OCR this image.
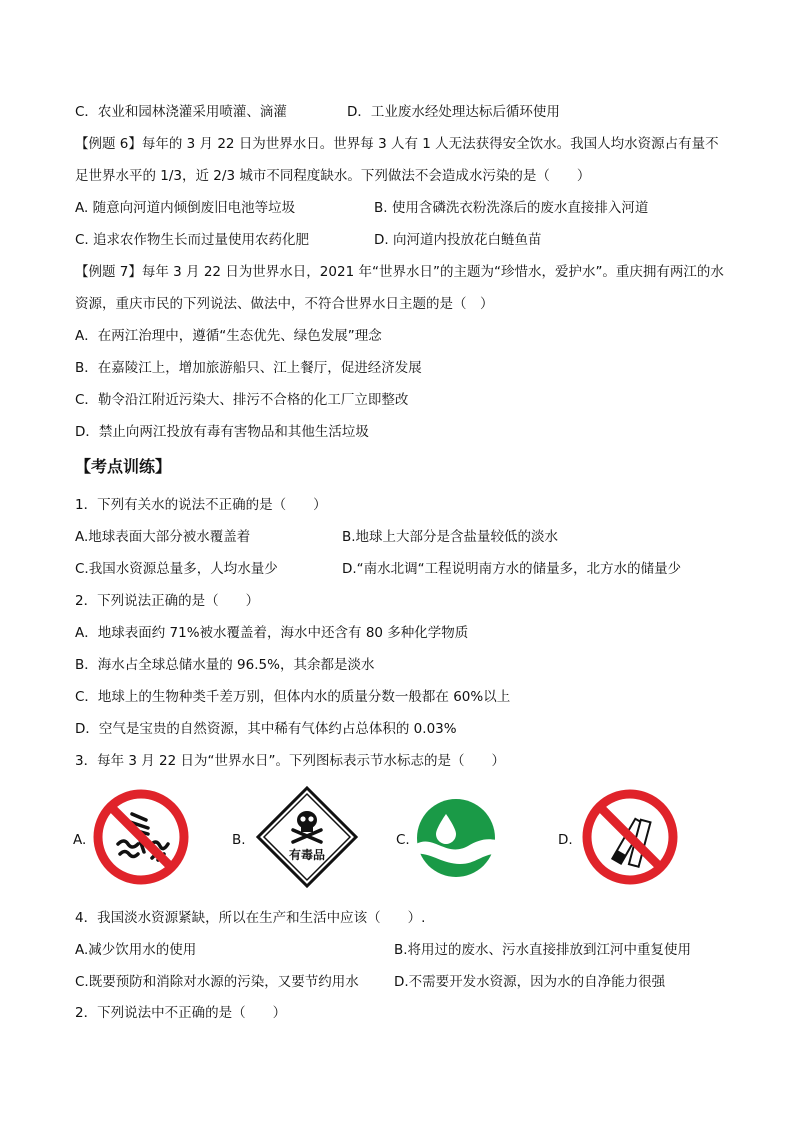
C．农业和园林浇灌采用喷灌、滴灌	D．工业废水经处理达标后循环使用
【例题 6】每年的 3 月 22 日为世界水日。世界每 3 人有 1 人无法获得安全饮水。我国人均水资源占有量不
足世界水平的 1/3，近 2/3 城市不同程度缺水。下列做法不会造成水污染的是（　　）
A. 随意向河道内倾倒废旧电池等垃圾	B. 使用含磷洗衣粉洗涤后的废水直接排入河道
C. 追求农作物生长而过量使用农药化肥	D. 向河道内投放花白鲢鱼苗
【例题 7】每年 3 月 22 日为世界水日，2021 年“世界水日”的主题为“珍惜水，爱护水”。重庆拥有两江的水
资源，重庆市民的下列说法、做法中，不符合世界水日主题的是（　）
A．在两江治理中，遵循“生态优先、绿色发展”理念
B．在嘉陵江上，增加旅游船只、江上餐厅，促进经济发展
C．勒令沿江附近污染大、排污不合格的化工厂立即整改
D．禁止向两江投放有毒有害物品和其他生活垃圾
【考点训练】
1．下列有关水的说法不正确的是（　　）
A.地球表面大部分被水覆盖着	B.地球上大部分是含盐量较低的淡水
C.我国水资源总量多，人均水量少	D.“南水北调“工程说明南方水的储量多，北方水的储量少
2．下列说法正确的是（　　）
A．地球表面约 71%被水覆盖着，海水中还含有 80 多种化学物质
B．海水占全球总储水量的 96.5%，其余都是淡水
C．地球上的生物种类千差万别，但体内水的质量分数一般都在 60%以上
D．空气是宝贵的自然资源，其中稀有气体约占总体积的 0.03%
3．每年 3 月 22 日为“世界水日”。下列图标表示节水标志的是（　　）
A.	B.
有毒品
C.	D.
4．我国淡水资源紧缺，所以在生产和生活中应该（　　）.
A.减少饮用水的使用	B.将用过的废水、污水直接排放到江河中重复使用
C.既要预防和消除对水源的污染，又要节约用水	D.不需要开发水资源，因为水的自净能力很强
2．下列说法中不正确的是（　　）
